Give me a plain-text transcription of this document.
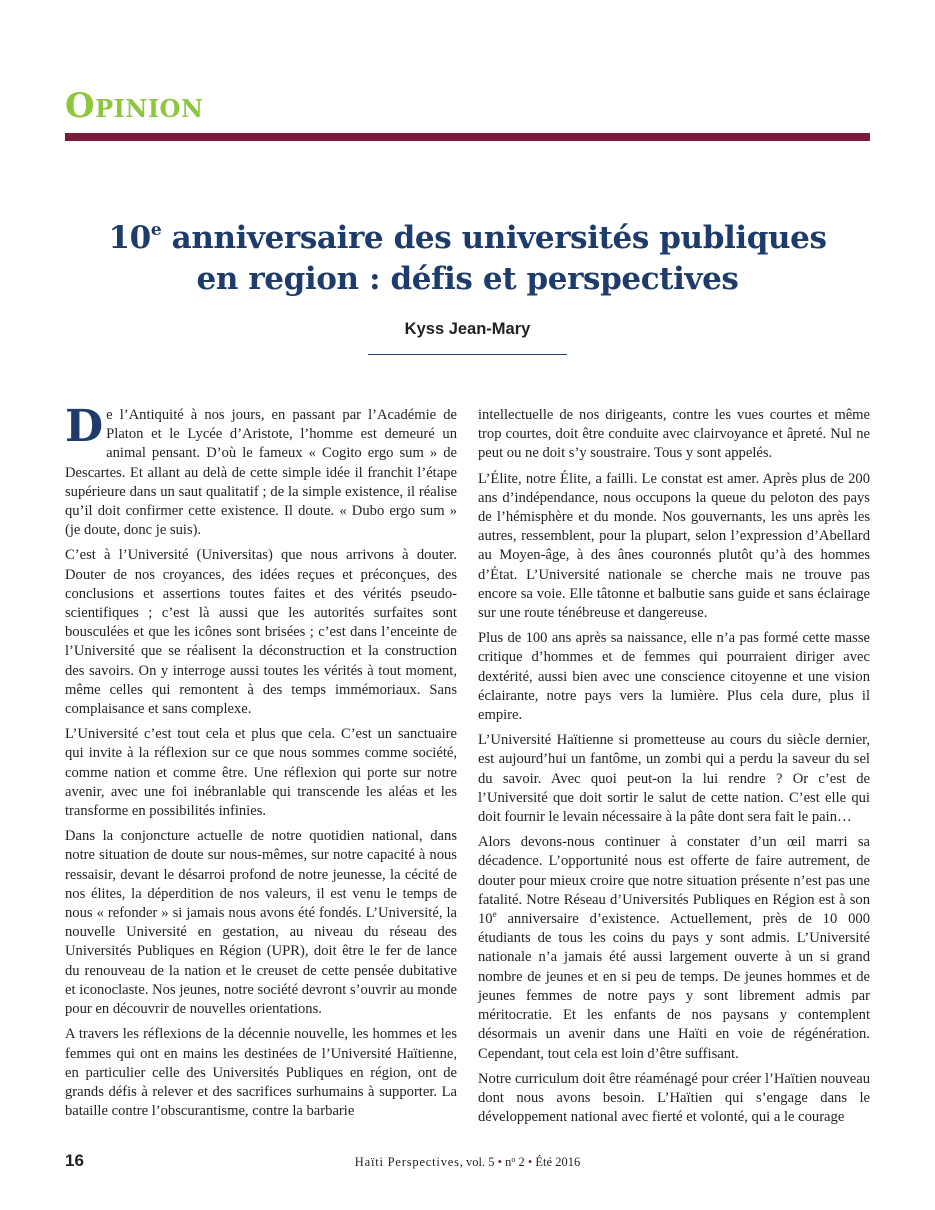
Opinion
10e anniversaire des universités publiques
en region : défis et perspectives
Kyss Jean-Mary

De l’Antiquité à nos jours, en passant par l’Académie de Platon et le Lycée d’Aristote, l’homme est demeuré un animal pensant. D’où le fameux « Cogito ergo sum » de Descartes. Et allant au delà de cette simple idée il franchit l’étape supérieure dans un saut qualitatif ; de la simple existence, il réalise qu’il doit confirmer cette existence. Il doute. « Dubo ergo sum » (je doute, donc je suis).

C’est à l’Université (Universitas) que nous arrivons à douter. Douter de nos croyances, des idées reçues et préconçues, des conclusions et assertions toutes faites et des vérités pseudo-scientifiques ; c’est là aussi que les autorités surfaites sont bousculées et que les icônes sont brisées ; c’est dans l’enceinte de l’Université que se réalisent la déconstruction et la construction des savoirs. On y interroge aussi toutes les vérités à tout moment, même celles qui remontent à des temps immémoriaux. Sans complaisance et sans complexe.

L’Université c’est tout cela et plus que cela. C’est un sanctuaire qui invite à la réflexion sur ce que nous sommes comme société, comme nation et comme être. Une réflexion qui porte sur notre avenir, avec une foi inébranlable qui transcende les aléas et les transforme en possibilités infinies.

Dans la conjoncture actuelle de notre quotidien national, dans notre situation de doute sur nous-mêmes, sur notre capacité à nous ressaisir, devant le désarroi profond de notre jeunesse, la cécité de nos élites, la déperdition de nos valeurs, il est venu le temps de nous « refonder » si jamais nous avons été fondés. L’Université, la nouvelle Université en gestation, au niveau du réseau des Universités Publiques en Région (UPR), doit être le fer de lance du renouveau de la nation et le creuset de cette pensée dubitative et iconoclaste. Nos jeunes, notre société devront s’ouvrir au monde pour en découvrir de nouvelles orientations.

A travers les réflexions de la décennie nouvelle, les hommes et les femmes qui ont en mains les destinées de l’Université Haïtienne, en particulier celle des Universités Publiques en région, ont de grands défis à relever et des sacrifices surhumains à supporter. La bataille contre l’obscurantisme, contre la barbarie

intellectuelle de nos dirigeants, contre les vues courtes et même trop courtes, doit être conduite avec clairvoyance et âpreté. Nul ne peut ou ne doit s’y soustraire. Tous y sont appelés.

L’Élite, notre Élite, a failli. Le constat est amer. Après plus de 200 ans d’indépendance, nous occupons la queue du peloton des pays de l’hémisphère et du monde. Nos gouvernants, les uns après les autres, ressemblent, pour la plupart, selon l’expression d’Abellard au Moyen-âge, à des ânes couronnés plutôt qu’à des hommes d’État. L’Université nationale se cherche mais ne trouve pas encore sa voie. Elle tâtonne et balbutie sans guide et sans éclairage sur une route ténébreuse et dangereuse.

Plus de 100 ans après sa naissance, elle n’a pas formé cette masse critique d’hommes et de femmes qui pourraient diriger avec dextérité, aussi bien avec une conscience citoyenne et une vision éclairante, notre pays vers la lumière. Plus cela dure, plus il empire.

L’Université Haïtienne si prometteuse au cours du siècle dernier, est aujourd’hui un fantôme, un zombi qui a perdu la saveur du sel du savoir. Avec quoi peut-on la lui rendre ? Or c’est de l’Université que doit sortir le salut de cette nation. C’est elle qui doit fournir le levain nécessaire à la pâte dont sera fait le pain…

Alors devons-nous continuer à constater d’un œil marri sa décadence. L’opportunité nous est offerte de faire autrement, de douter pour mieux croire que notre situation présente n’est pas une fatalité. Notre Réseau d’Universités Publiques en Région est à son 10e anniversaire d’existence. Actuellement, près de 10 000 étudiants de tous les coins du pays y sont admis. L’Université nationale n’a jamais été aussi largement ouverte à un si grand nombre de jeunes et en si peu de temps. De jeunes hommes et de jeunes femmes de notre pays y sont librement admis par méritocratie. Et les enfants de nos paysans y contemplent désormais un avenir dans une Haïti en voie de régénération. Cependant, tout cela est loin d’être suffisant.

Notre curriculum doit être réaménagé pour créer l’Haïtien nouveau dont nous avons besoin. L’Haïtien qui s’engage dans le développement national avec fierté et volonté, qui a le courage

16	Haïti Perspectives, vol. 5 • $n^o$ 2 • Été 2016
